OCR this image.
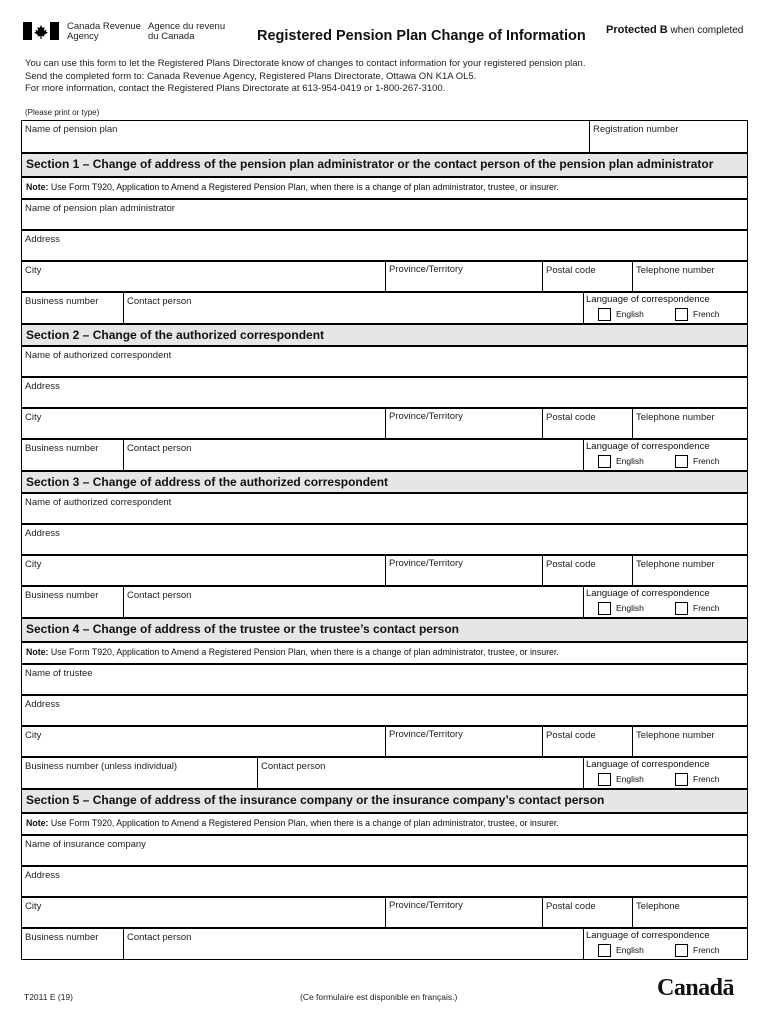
Canada Revenue
Agency
Agence du revenu
du Canada	Registered Pension Plan Change of Information Protected B when completed
You can use this form to let the Registered Plans Directorate know of changes to contact information for your registered pension plan.
Send the completed form to: Canada Revenue Agency, Registered Plans Directorate, Ottawa ON K1A OL5.
For more information, contact the Registered Plans Directorate at 613-954-0419 or 1-800-267-3100.
(Please print or type)
Name of pension plan	Registration number
Section 1 – Change of address of the pension plan administrator or the contact person of the pension plan administrator
Note: Use Form T920, Application to Amend a Registered Pension Plan, when there is a change of plan administrator, trustee, or insurer.
Name of pension plan administrator
Address
City	Province/Territory	Postal code	Telephone number
Business number	Contact person	Language of correspondence
English	French
Section 2 – Change of the authorized correspondent
Name of authorized correspondent
Address
City	Province/Territory	Postal code	Telephone number
Business number	Contact person	Language of correspondence
English	French
Section 3 – Change of address of the authorized correspondent
Name of authorized correspondent
Address
City	Province/Territory	Postal code	Telephone number
Business number	Contact person	Language of correspondence
English	French
Section 4 – Change of address of the trustee or the trustee’s contact person
Note: Use Form T920, Application to Amend a Registered Pension Plan, when there is a change of plan administrator, trustee, or insurer.
Name of trustee
Address
City	Province/Territory	Postal code	Telephone number
Business number (unless individual)	Contact person	Language of correspondence
English	French
Section 5 – Change of address of the insurance company or the insurance company’s contact person
Note: Use Form T920, Application to Amend a Registered Pension Plan, when there is a change of plan administrator, trustee, or insurer.
Name of insurance company
Address
City	Province/Territory	Postal code	Telephone
Business number	Contact person	Language of correspondence
English	French
T2011 E (19)	(Ce formulaire est disponible en français.)	Canadā
